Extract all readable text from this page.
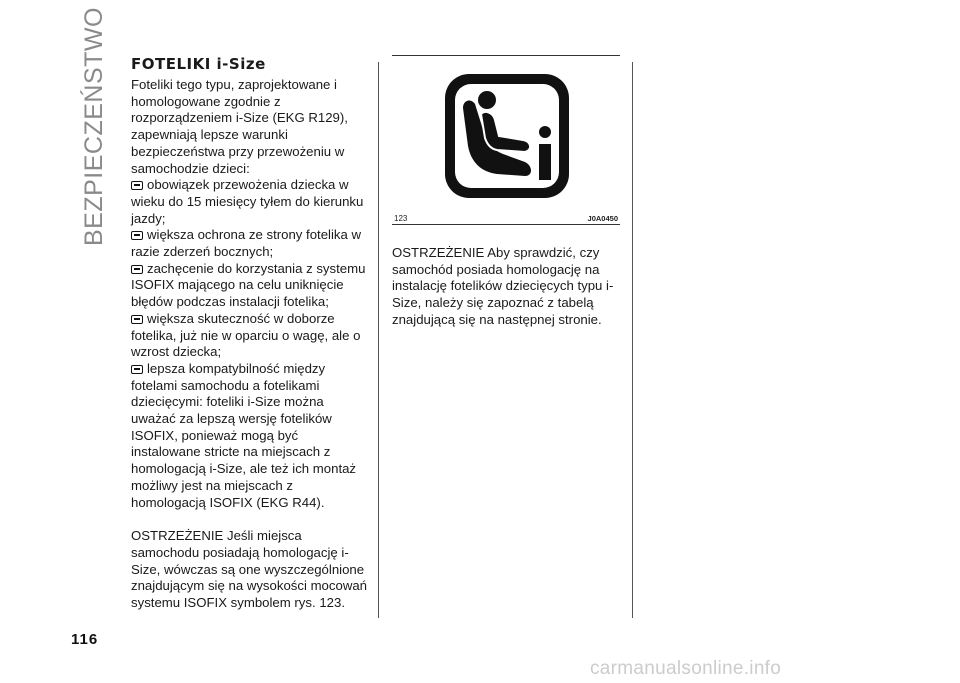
BEZPIECZEŃSTWO
116
FOTELIKI i-Size

Foteliki tego typu, zaprojektowane i homologowane zgodnie z rozporządzeniem i-Size (EKG R129), zapewniają lepsze warunki bezpieczeństwa przy przewożeniu w samochodzie dzieci:

obowiązek przewożenia dziecka w wieku do 15 miesięcy tyłem do kierunku jazdy;

większa ochrona ze strony fotelika w razie zderzeń bocznych;

zachęcenie do korzystania z systemu ISOFIX mającego na celu uniknięcie błędów podczas instalacji fotelika;

większa skuteczność w doborze fotelika, już nie w oparciu o wagę, ale o wzrost dziecka;

lepsza kompatybilność między fotelami samochodu a fotelikami dziecięcymi: foteliki i-Size można uważać za lepszą wersję fotelików ISOFIX, ponieważ mogą być instalowane stricte na miejscach z homologacją i-Size, ale też ich montaż możliwy jest na miejscach z homologacją ISOFIX (EKG R44).

OSTRZEŻENIE Jeśli miejsca samochodu posiadają homologację i-Size, wówczas są one wyszczególnione znajdującym się na wysokości mocowań systemu ISOFIX symbolem rys. 123.

123	J0A0450

OSTRZEŻENIE Aby sprawdzić, czy samochód posiada homologację na instalację fotelików dziecięcych typu i-Size, należy się zapoznać z tabelą znajdującą się na następnej stronie.

carmanualsonline.info
